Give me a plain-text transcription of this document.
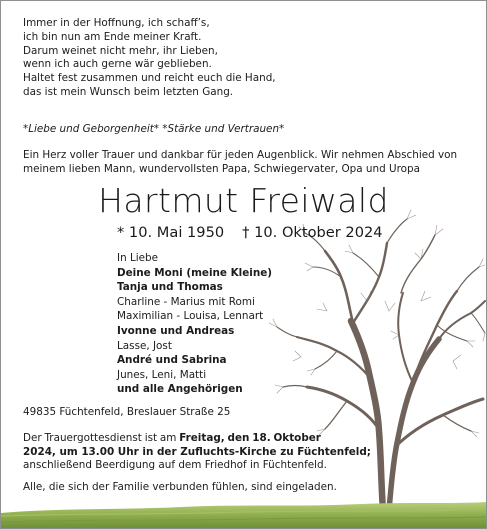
Immer in der Hoffnung, ich schaff’s,
ich bin nun am Ende meiner Kraft.
Darum weinet nicht mehr, ihr Lieben,
wenn ich auch gerne wär geblieben.
Haltet fest zusammen und reicht euch die Hand,
das ist mein Wunsch beim letzten Gang.
*Liebe und Geborgenheit* *Stärke und Vertrauen*
Ein Herz voller Trauer und dankbar für jeden Augenblick. Wir nehmen Abschied von
meinem lieben Mann, wundervollsten Papa, Schwiegervater, Opa und Uropa
Hartmut Freiwald
* 10. Mai 1950 † 10. Oktober 2024
In Liebe
Deine Moni (meine Kleine)
Tanja und Thomas
Charline - Marius mit Romi
Maximilian - Louisa, Lennart
Ivonne und Andreas
Lasse, Jost
André und Sabrina
Junes, Leni, Matti
und alle Angehörigen
49835 Füchtenfeld, Breslauer Straße 25
Der Trauergottesdienst ist am Freitag, den 18. Oktober
2024, um 13.00 Uhr in der Zufluchts-Kirche zu Füchtenfeld;
anschließend Beerdigung auf dem Friedhof in Füchtenfeld.
Alle, die sich der Familie verbunden fühlen, sind eingeladen.
